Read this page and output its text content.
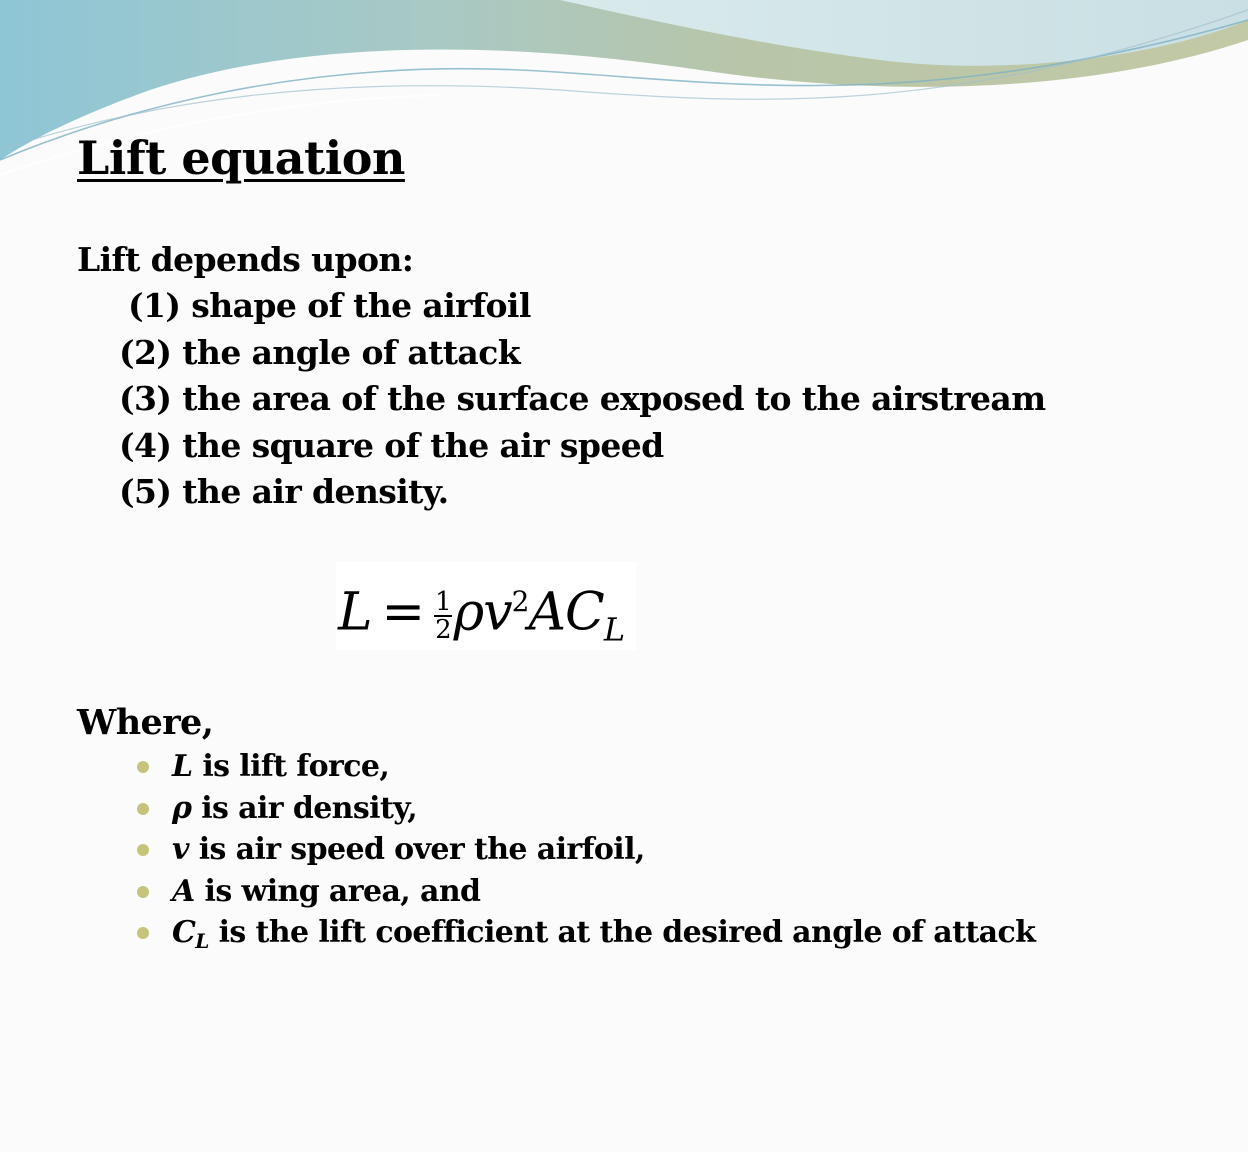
Lift equation

Lift depends upon:

(1) shape of the airfoil
(2) the angle of attack
(3) the area of the surface exposed to the airstream
(4) the square of the air speed
(5) the air density.
$L = \frac{1}{2} \rho v^2AC_L$

Where,

L is lift force,
ρ is air density,
v is air speed over the airfoil,
A is wing area, and
$C_L$ is the lift coefficient at the desired angle of attack
